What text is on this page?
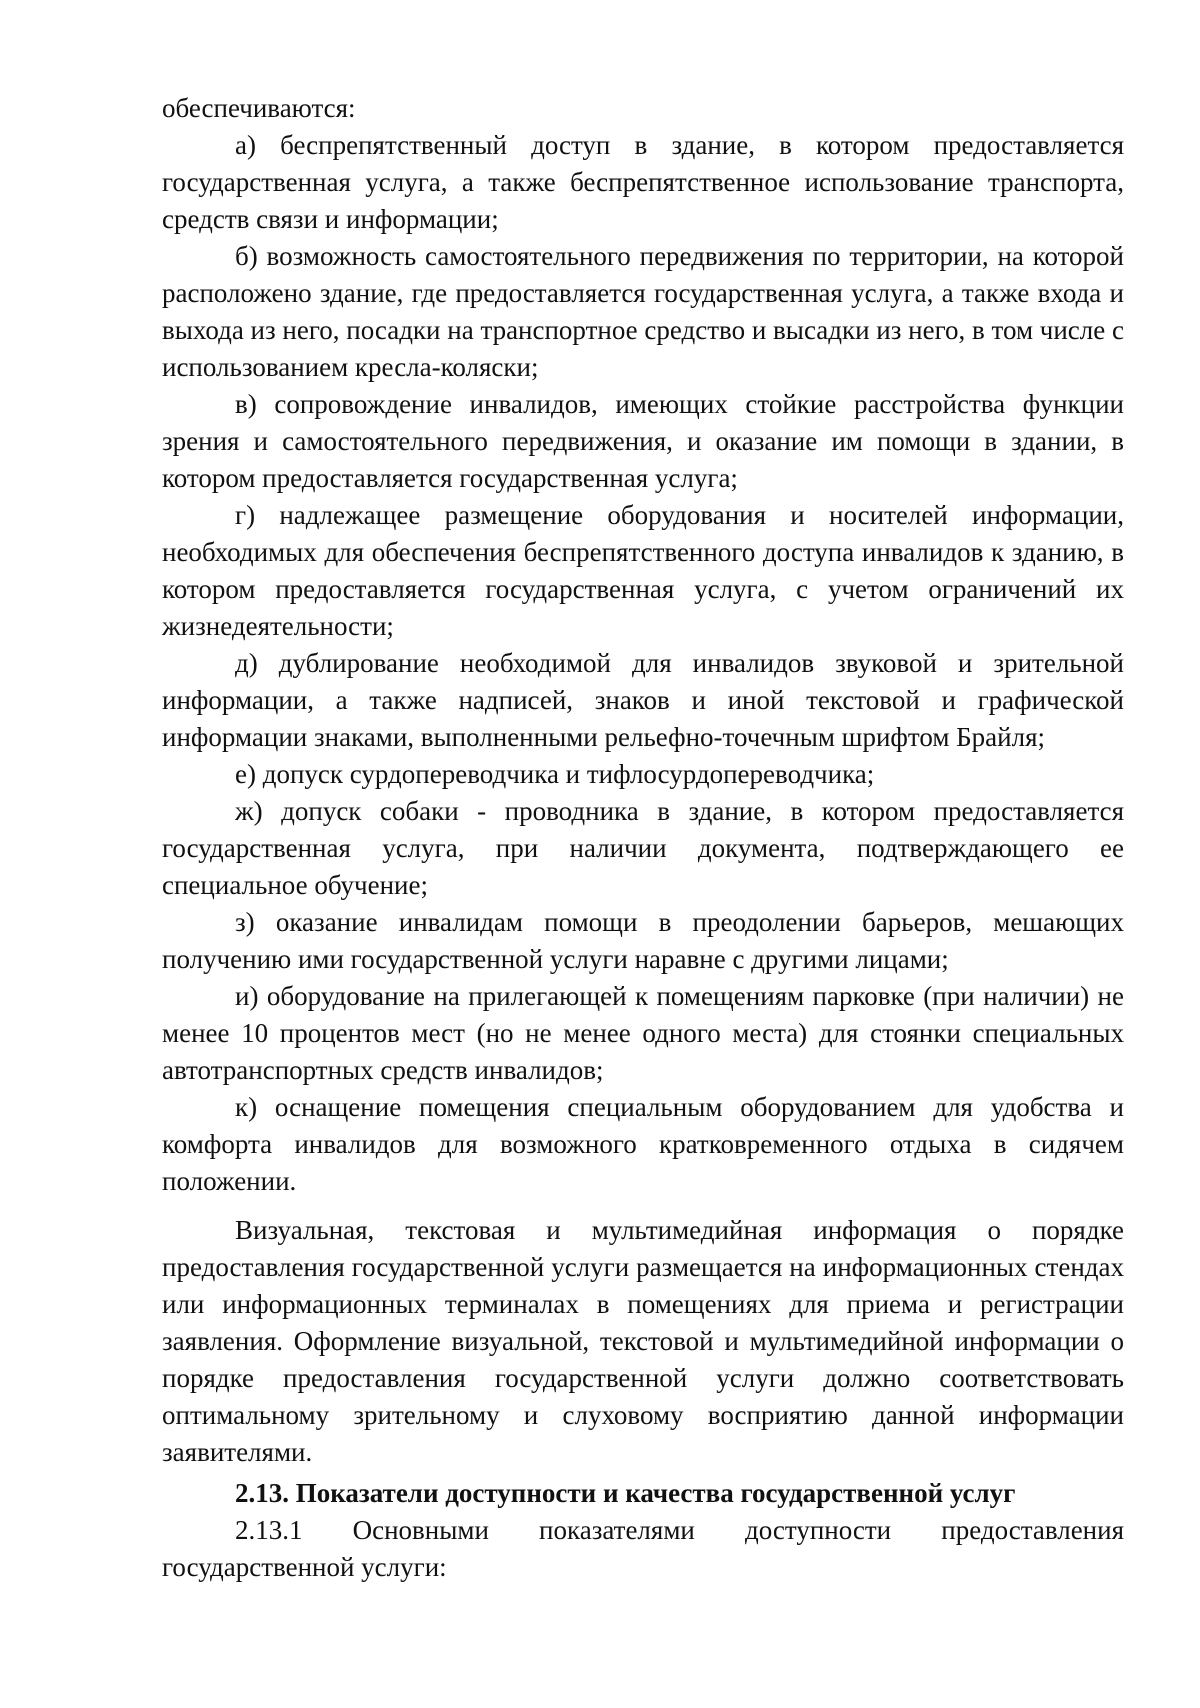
обеспечиваются:

а) беспрепятственный доступ в здание, в котором предоставляется государственная услуга, а также беспрепятственное использование транспорта, средств связи и информации;

б) возможность самостоятельного передвижения по территории, на которой расположено здание, где предоставляется государственная услуга, а также входа и выхода из него, посадки на транспортное средство и высадки из него, в том числе с использованием кресла-коляски;

в) сопровождение инвалидов, имеющих стойкие расстройства функции зрения и самостоятельного передвижения, и оказание им помощи в здании, в котором предоставляется государственная услуга;

г) надлежащее размещение оборудования и носителей информации, необходимых для обеспечения беспрепятственного доступа инвалидов к зданию, в котором предоставляется государственная услуга, с учетом ограничений их жизнедеятельности;

д) дублирование необходимой для инвалидов звуковой и зрительной информации, а также надписей, знаков и иной текстовой и графической информации знаками, выполненными рельефно-точечным шрифтом Брайля;

е) допуск сурдопереводчика и тифлосурдопереводчика;

ж) допуск собаки - проводника в здание, в котором предоставляется государственная услуга, при наличии документа, подтверждающего ее специальное обучение;

з) оказание инвалидам помощи в преодолении барьеров, мешающих получению ими государственной услуги наравне с другими лицами;

и) оборудование на прилегающей к помещениям парковке (при наличии) не менее 10 процентов мест (но не менее одного места) для стоянки специальных автотранспортных средств инвалидов;

к) оснащение помещения специальным оборудованием для удобства и комфорта инвалидов для возможного кратковременного отдыха в сидячем положении.

Визуальная, текстовая и мультимедийная информация о порядке предоставления государственной услуги размещается на информационных стендах или информационных терминалах в помещениях для приема и регистрации заявления. Оформление визуальной, текстовой и мультимедийной информации о порядке предоставления государственной услуги должно соответствовать оптимальному зрительному и слуховому восприятию данной информации заявителями.

2.13. Показатели доступности и качества государственной услуг

2.13.1 Основными показателями доступности предоставления государственной услуги:
